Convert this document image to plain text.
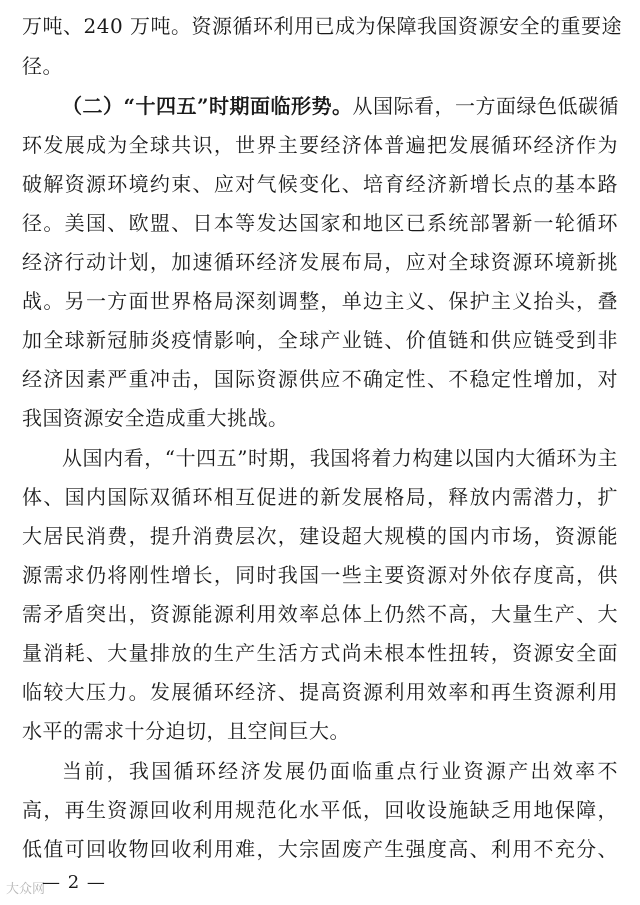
万吨、240 万吨。资源循环利用已成为保障我国资源安全的重要途
径。
（二）“十四五”时期面临形势。从国际看，一方面绿色低碳循
环发展成为全球共识，世界主要经济体普遍把发展循环经济作为
破解资源环境约束、应对气候变化、培育经济新增长点的基本路
径。美国、欧盟、日本等发达国家和地区已系统部署新一轮循环
经济行动计划，加速循环经济发展布局，应对全球资源环境新挑
战。另一方面世界格局深刻调整，单边主义、保护主义抬头，叠
加全球新冠肺炎疫情影响，全球产业链、价值链和供应链受到非
经济因素严重冲击，国际资源供应不确定性、不稳定性增加，对
我国资源安全造成重大挑战。
从国内看，“十四五”时期，我国将着力构建以国内大循环为主
体、国内国际双循环相互促进的新发展格局，释放内需潜力，扩
大居民消费，提升消费层次，建设超大规模的国内市场，资源能
源需求仍将刚性增长，同时我国一些主要资源对外依存度高，供
需矛盾突出，资源能源利用效率总体上仍然不高，大量生产、大
量消耗、大量排放的生产生活方式尚未根本性扭转，资源安全面
临较大压力。发展循环经济、提高资源利用效率和再生资源利用
水平的需求十分迫切，且空间巨大。
当前，我国循环经济发展仍面临重点行业资源产出效率不
高，再生资源回收利用规范化水平低，回收设施缺乏用地保障，
低值可回收物回收利用难，大宗固废产生强度高、利用不充分、
大众网
— 2 —
